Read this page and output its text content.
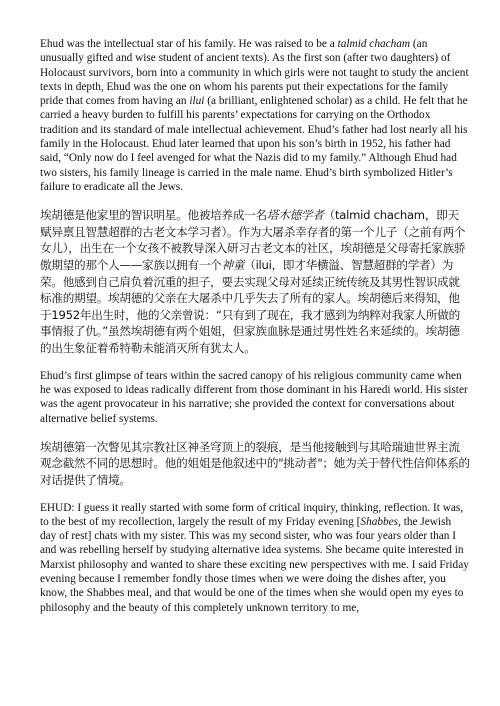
Ehud was the intellectual star of his family. He was raised to be a talmid chacham (an unusually gifted and wise student of ancient texts). As the first son (after two daughters) of Holocaust survivors, born into a community in which girls were not taught to study the ancient texts in depth, Ehud was the one on whom his parents put their expectations for the family pride that comes from having an ilui (a brilliant, enlightened scholar) as a child. He felt that he carried a heavy burden to fulfill his parents’ expectations for carrying on the Orthodox tradition and its standard of male intellectual achievement. Ehud’s father had lost nearly all his family in the Holocaust. Ehud later learned that upon his son’s birth in 1952, his father had said, “Only now do I feel avenged for what the Nazis did to my family.” Although Ehud had two sisters, his family lineage is carried in the male name. Ehud’s birth symbolized Hitler’s failure to eradicate all the Jews.

埃胡德是他家里的智识明星。他被培养成一名塔木德学者（talmid chacham，即天赋异禀且智慧超群的古老文本学习者）。作为大屠杀幸存者的第一个儿子（之前有两个女儿），出生在一个女孩不被教导深入研习古老文本的社区，埃胡德是父母寄托家族骄傲期望的那个人——家族以拥有一个神童（ilui，即才华横溢、智慧超群的学者）为荣。他感到自己肩负着沉重的担子，要去实现父母对延续正统传统及其男性智识成就标准的期望。埃胡德的父亲在大屠杀中几乎失去了所有的家人。埃胡德后来得知，他于1952年出生时，他的父亲曾说：“只有到了现在，我才感到为纳粹对我家人所做的事情报了仇。”虽然埃胡德有两个姐姐，但家族血脉是通过男性姓名来延续的。埃胡德的出生象征着希特勒未能消灭所有犹太人。

Ehud’s first glimpse of tears within the sacred canopy of his religious community came when he was exposed to ideas radically different from those dominant in his Haredi world. His sister was the agent provocateur in his narrative; she provided the context for conversations about alternative belief systems.

埃胡德第一次瞥见其宗教社区神圣穹顶上的裂痕，是当他接触到与其哈瑞迪世界主流观念截然不同的思想时。他的姐姐是他叙述中的"挑动者"；她为关于替代性信仰体系的对话提供了情境。

EHUD: I guess it really started with some form of critical inquiry, thinking, reflection. It was, to the best of my recollection, largely the result of my Friday evening [Shabbes, the Jewish day of rest] chats with my sister. This was my second sister, who was four years older than I and was rebelling herself by studying alternative idea systems. She became quite interested in Marxist philosophy and wanted to share these exciting new perspectives with me. I said Friday evening because I remember fondly those times when we were doing the dishes after, you know, the Shabbes meal, and that would be one of the times when she would open my eyes to philosophy and the beauty of this completely unknown territory to me,
